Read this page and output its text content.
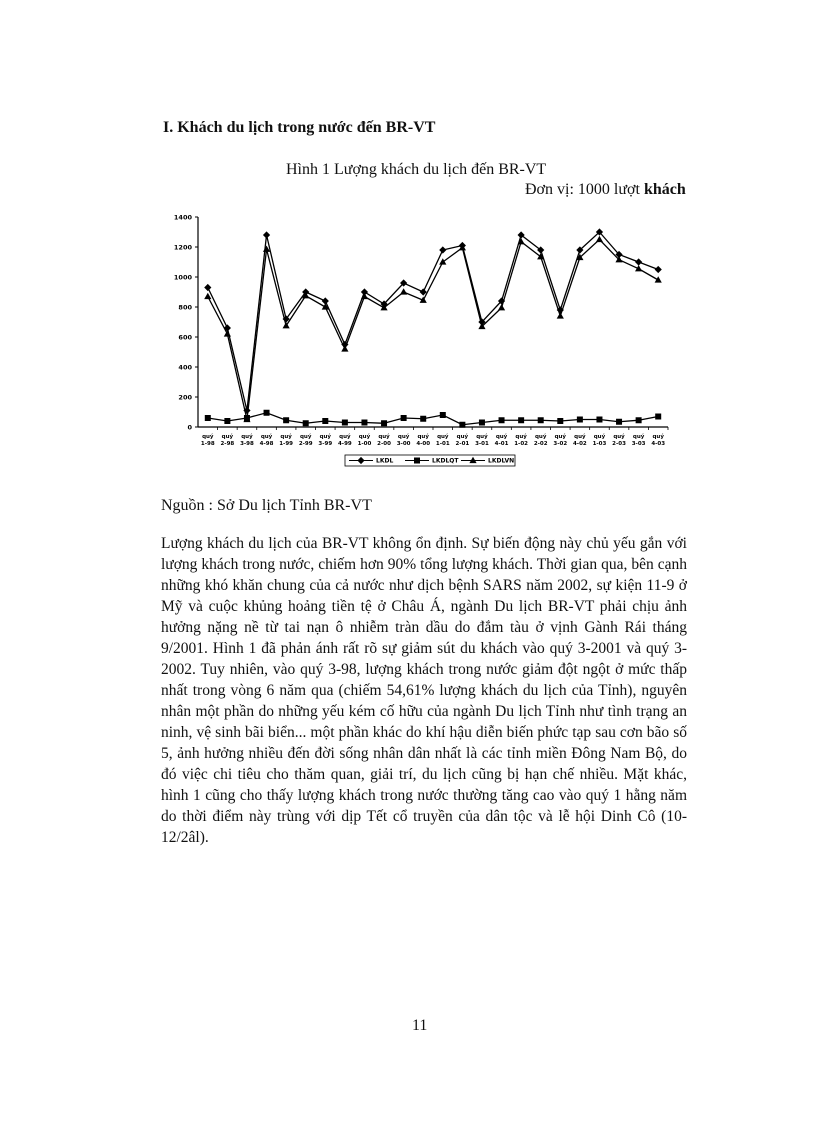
I. Khách du lịch trong nước đến BR-VT
Hình 1 Lượng khách du lịch đến BR-VT
Đơn vị: 1000 lượt khách
0
200
400
600
800
1000
1200
1400
quý
1-98
quý
2-98
quý
3-98
quý
4-98
quý
1-99
quý
2-99
quý
3-99
quý
4-99
quý
1-00
quý
2-00
quý
3-00
quý
4-00
quý
1-01
quý
2-01
quý
3-01
quý
4-01
quý
1-02
quý
2-02
quý
3-02
quý
4-02
quý
1-03
quý
2-03
quý
3-03
quý
4-03
LKDL	LKDLQT	LKDLVN
Nguồn : Sở Du lịch Tỉnh BR-VT

Lượng khách du lịch của BR-VT không ổn định. Sự biến động này chủ yếu gắn với lượng khách trong nước, chiếm hơn 90% tổng lượng khách. Thời gian qua, bên cạnh những khó khăn chung của cả nước như dịch bệnh SARS năm 2002, sự kiện 11-9 ở Mỹ và cuộc khủng hoảng tiền tệ ở Châu Á, ngành Du lịch BR-VT phải chịu ảnh hưởng nặng nề từ tai nạn ô nhiễm tràn dầu do đắm tàu ở vịnh Gành Rái tháng 9/2001. Hình 1 đã phản ánh rất rõ sự giảm sút du khách vào quý 3-2001 và quý 3-2002. Tuy nhiên, vào quý 3-98, lượng khách trong nước giảm đột ngột ở mức thấp nhất trong vòng 6 năm qua (chiếm 54,61% lượng khách du lịch của Tỉnh), nguyên nhân một phần do những yếu kém cố hữu của ngành Du lịch Tỉnh như tình trạng an ninh, vệ sinh bãi biển... một phần khác do khí hậu diễn biến phức tạp sau cơn bão số 5, ảnh hưởng nhiều đến đời sống nhân dân nhất là các tỉnh miền Đông Nam Bộ, do đó việc chi tiêu cho thăm quan, giải trí, du lịch cũng bị hạn chế nhiều. Mặt khác, hình 1 cũng cho thấy lượng khách trong nước thường tăng cao vào quý 1 hằng năm do thời điểm này trùng với dịp Tết cổ truyền của dân tộc và lễ hội Dinh Cô (10-12/2âl).

11
